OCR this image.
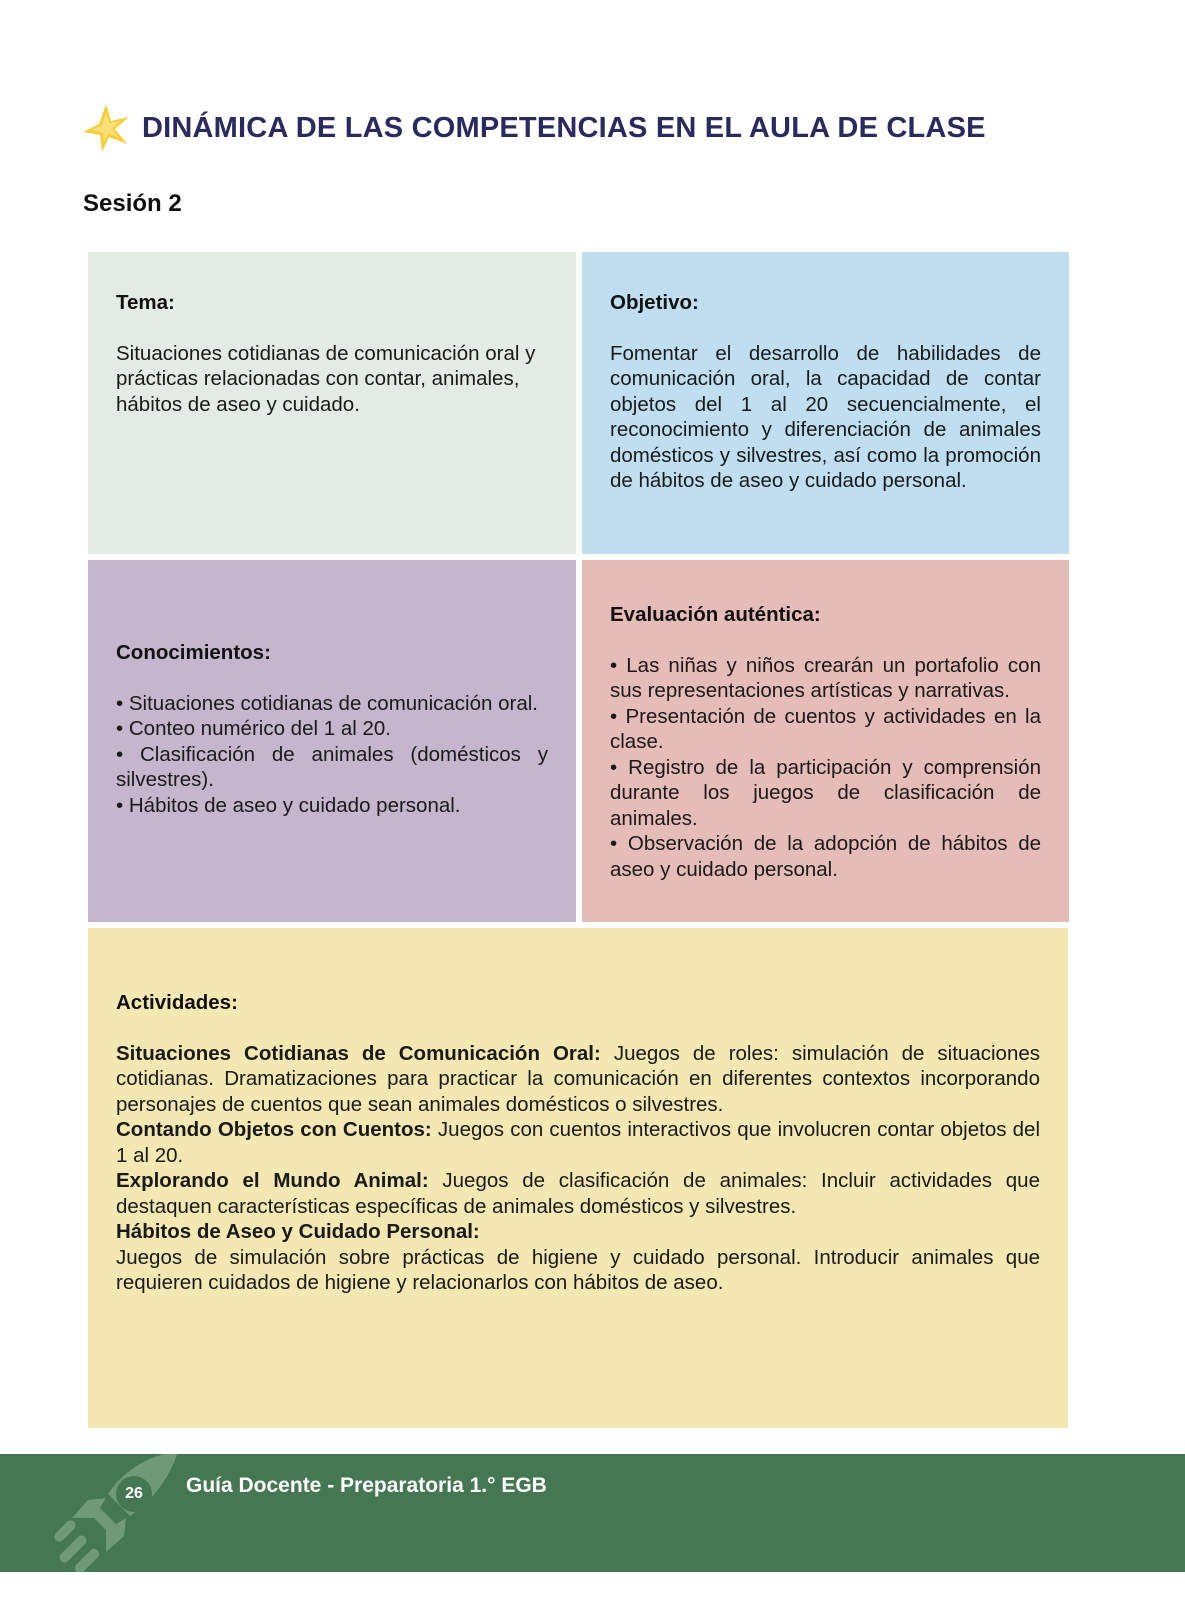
DINÁMICA DE LAS COMPETENCIAS EN EL AULA DE CLASE
Sesión 2
Tema:

Situaciones cotidianas de comunicación oral y prácticas relacionadas con contar, animales, hábitos de aseo y cuidado.

Objetivo:

Fomentar el desarrollo de habilidades de comunicación oral, la capacidad de contar objetos del 1 al 20 secuencialmente, el reconocimiento y diferenciación de animales domésticos y silvestres, así como la promoción de hábitos de aseo y cuidado personal.

Conocimientos:
• Situaciones cotidianas de comunicación oral.
• Conteo numérico del 1 al 20.
• Clasificación de animales (domésticos y silvestres).
• Hábitos de aseo y cuidado personal.
Evaluación auténtica:
• Las niñas y niños crearán un portafolio con sus representaciones artísticas y narrativas.
• Presentación de cuentos y actividades en la clase.
• Registro de la participación y comprensión durante los juegos de clasificación de animales.
• Observación de la adopción de hábitos de aseo y cuidado personal.
Actividades:

Situaciones Cotidianas de Comunicación Oral: Juegos de roles: simulación de situaciones cotidianas. Dramatizaciones para practicar la comunicación en diferentes contextos incorporando personajes de cuentos que sean animales domésticos o silvestres.

Contando Objetos con Cuentos: Juegos con cuentos interactivos que involucren contar objetos del 1 al 20.

Explorando el Mundo Animal: Juegos de clasificación de animales: Incluir actividades que destaquen características específicas de animales domésticos y silvestres.

Hábitos de Aseo y Cuidado Personal:
Juegos de simulación sobre prácticas de higiene y cuidado personal. Introducir animales que requieren cuidados de higiene y relacionarlos con hábitos de aseo.

26	Guía Docente - Preparatoria 1.° EGB
